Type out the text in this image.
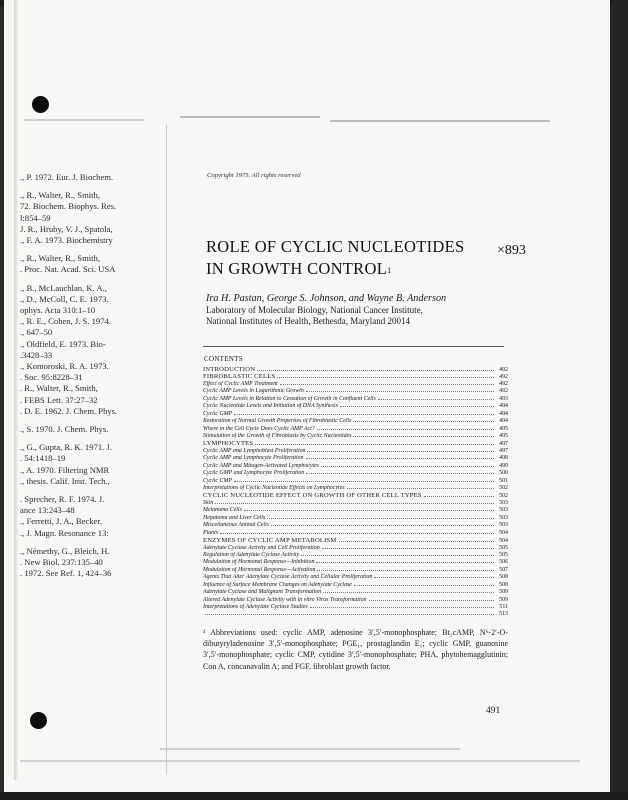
., P. 1972. Eur. J. Biochem.
., R., Walter, R., Smith,
72. Biochem. Biophys. Res.
l:854–59
J. R., Hruby, V. J., Spatola,
., F. A. 1973. Biochemistry
., R., Walter, R., Smith,
. Proc. Nat. Acad. Sci. USA
., B., McLauchlan, K. A.,
., D., McColl, C. E. 1973.
ophys. Acta 310:1–10
., R. E., Cohen, J. S. 1974.
., 647–50
., Oldfield, E. 1973. Bio-
.3428–33
., Komoroski, R. A. 1973.
. Soc. 95:8228–31
. R., Walter, R., Smith,
. FEBS Lett. 37:27–32
. D. E. 1962. J. Chem. Phys.
., S. 1970. J. Chem. Phys.
., G., Gupta, R. K. 1971. J.
. 54:1418–19
., A. 1970. Filtering NMR
., thesis. Calif. Inst. Tech.,
. Sprecher, R. F. 1974. J.
ance 13:243–48
., Ferretti, J. A., Becker,
., J. Magn. Resonance 13:
., Némethy, G., Bleich, H.
. New Biol. 237:135–40
. 1972. See Ref. 1, 424–36
Copyright 1975. All rights reserved
ROLE OF CYCLIC NUCLEOTIDES
IN GROWTH $CONTROL^1$
×893
Ira H. Pastan, George S. Johnson, and Wayne B. Anderson
Laboratory of Molecular Biology, National Cancer Institute,
National Institutes of Health, Bethesda, Maryland 20014
CONTENTS
INTRODUCTION	492
FIBROBLASTIC CELLS	492
Effect of Cyclic AMP Treatment	492
Cyclic AMP Levels in Logarithmic Growth	492
Cyclic AMP Levels in Relation to Cessation of Growth in Confluent Cells	493
Cyclic Nucleotide Levels and Initiation of DNA Synthesis	494
Cyclic GMP	494
Restoration of Normal Growth Properties of Fibroblastic Cells	494
Where in the Cell Cycle Does Cyclic AMP Act?	495
Stimulation of the Growth of Fibroblasts by Cyclic Nucleotides	495
LYMPHOCYTES	497
Cyclic AMP and Lymphoblast Proliferation	497
Cyclic AMP and Lymphocyte Proliferation	498
Cyclic AMP and Mitogen-Activated Lymphocytes	499
Cyclic GMP and Lymphocyte Proliferation	500
Cyclic CMP	501
Interpretations of Cyclic Nucleotide Effects on Lymphocytes	502
CYCLIC NUCLEOTIDE EFFECT ON GROWTH OF OTHER CELL TYPES	502
Skin	503
Melanoma Cells	503
Hepatoma and Liver Cells	503
Miscellaneous Animal Cells	503
Plants	504
ENZYMES OF CYCLIC AMP METABOLISM	504
Adenylate Cyclase Activity and Cell Proliferation	505
Regulation of Adenylate Cyclase Activity	505
Modulation of Hormonal Response—Inhibition	506
Modulation of Hormonal Response—Activation	507
Agents That Alter Adenylate Cyclase Activity and Cellular Proliferation	508
Influence of Surface Membrane Changes on Adenylate Cyclase	508
Adenylate Cyclase and Malignant Transformation	509
Altered Adenylate Cyclase Activity with in vitro Virus Transformation	509
Interpretations of Adenylate Cyclase Studies	511
513
¹ Abbreviations used: cyclic AMP, adenosine 3′,5′-monophosphate; Bt₂cAMP, N⁶-2′-O-dibutyryladenosine 3′,5′-monophosphate; PGE₁, prostaglandin E₁; cyclic GMP, guanosine 3′,5′-monophosphate; cyclic CMP, cytidine 3′,5′-monophosphate; PHA, phytohemagglutinin; Con A, concanavalin A; and FGF, fibroblast growth factor.
491
